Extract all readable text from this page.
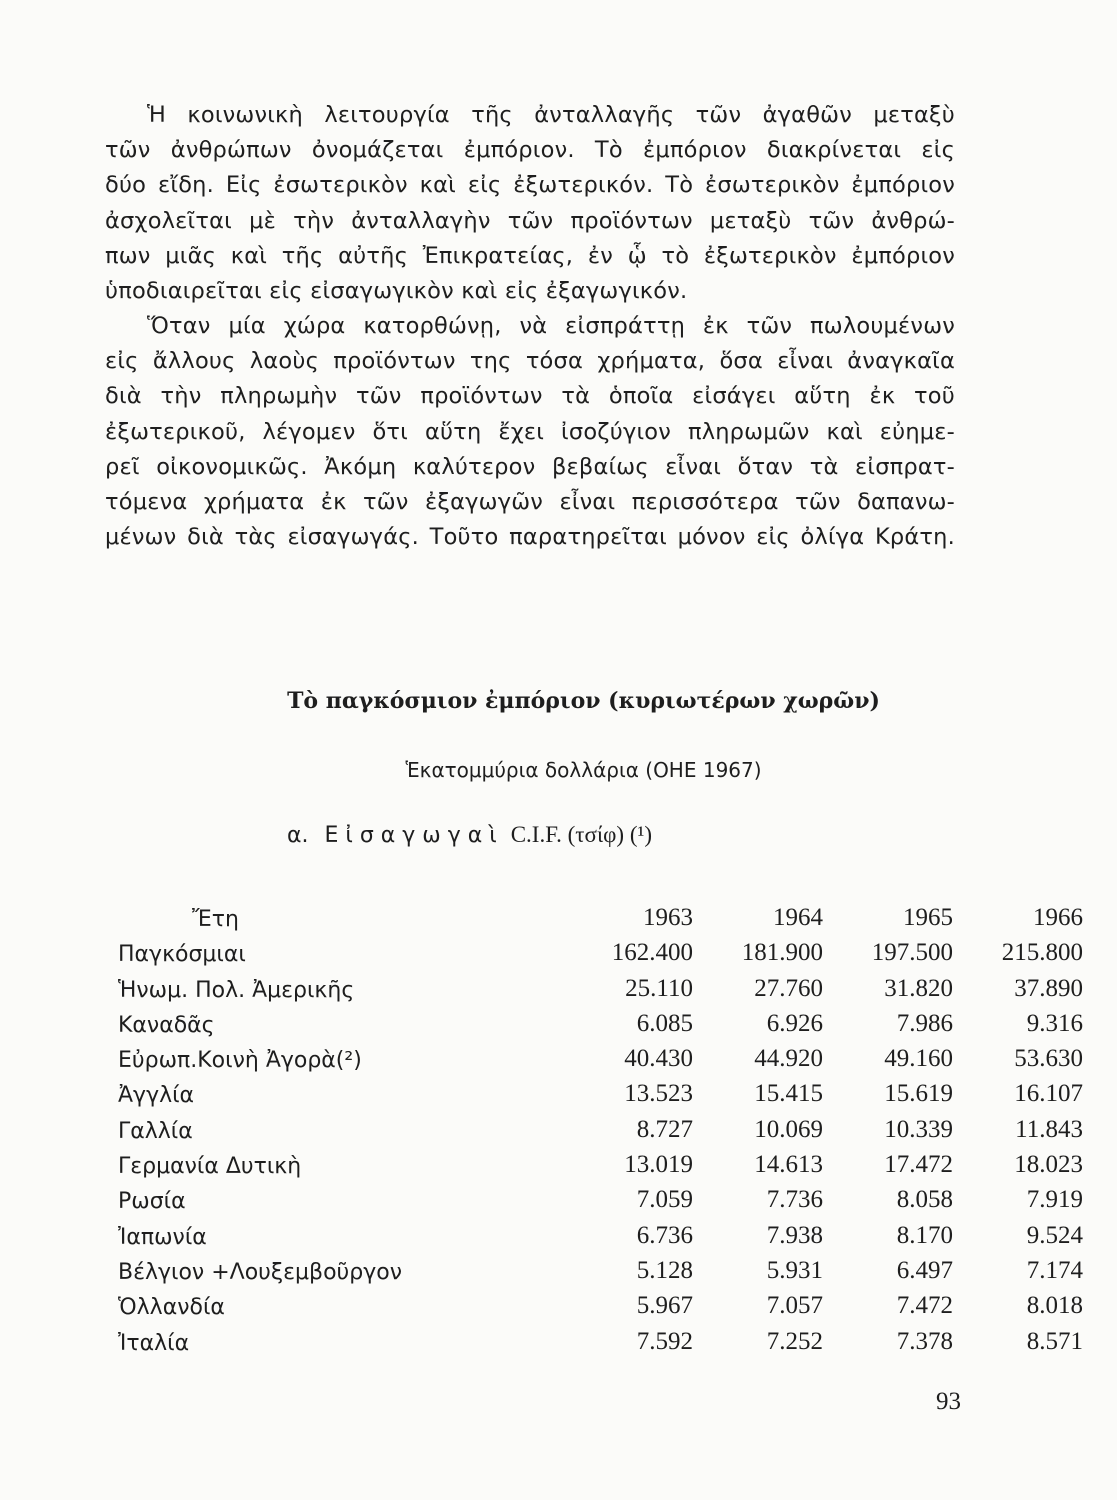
Ἡ κοινωνικὴ λειτουργία τῆς ἀνταλλαγῆς τῶν ἀγαθῶν μεταξὺ
τῶν ἀνθρώπων ὀνομάζεται ἐμπόριον. Τὸ ἐμπόριον διακρίνεται εἰς
δύο εἴδη. Εἰς ἐσωτερικὸν καὶ εἰς ἐξωτερικόν. Τὸ ἐσωτερικὸν ἐμπόριον
ἀσχολεῖται μὲ τὴν ἀνταλλαγὴν τῶν προϊόντων μεταξὺ τῶν ἀνθρώ-
πων μιᾶς καὶ τῆς αὐτῆς Ἐπικρατείας, ἐν ᾧ τὸ ἐξωτερικὸν ἐμπόριον
ὑποδιαιρεῖται εἰς εἰσαγωγικὸν καὶ εἰς ἐξαγωγικόν.
Ὅταν μία χώρα κατορθώνῃ, νὰ εἰσπράττῃ ἐκ τῶν πωλουμένων
εἰς ἄλλους λαοὺς προϊόντων της τόσα χρήματα, ὅσα εἶναι ἀναγκαῖα
διὰ τὴν πληρωμὴν τῶν προϊόντων τὰ ὁποῖα εἰσάγει αὕτη ἐκ τοῦ
ἐξωτερικοῦ, λέγομεν ὅτι αὕτη ἔχει ἰσοζύγιον πληρωμῶν καὶ εὐημε-
ρεῖ οἰκονομικῶς. Ἀκόμη καλύτερον βεβαίως εἶναι ὅταν τὰ εἰσπρατ-
τόμενα χρήματα ἐκ τῶν ἐξαγωγῶν εἶναι περισσότερα τῶν δαπανω-
μένων διὰ τὰς εἰσαγωγάς. Τοῦτο παρατηρεῖται μόνον εἰς ὀλίγα Κράτη.
Τὸ παγκόσμιον ἐμπόριον (κυριωτέρων χωρῶν)
Ἑκατομμύρια δολλάρια (ΟΗΕ 1967)
α. Εἰσαγωγαὶ C.I.F. (τσίφ) (¹)
Ἔτη	1963	1964	1965	1966
Παγκόσμιαι	162.400	181.900	197.500	215.800
Ἡνωμ. Πολ. Ἀμερικῆς	25.110	27.760	31.820	37.890
Καναδᾶς	6.085	6.926	7.986	9.316
Εὐρωπ.Κοινὴ Ἀγορὰ(²)	40.430	44.920	49.160	53.630
Ἀγγλία	13.523	15.415	15.619	16.107
Γαλλία	8.727	10.069	10.339	11.843
Γερμανία Δυτικὴ	13.019	14.613	17.472	18.023
Ρωσία	7.059	7.736	8.058	7.919
Ἰαπωνία	6.736	7.938	8.170	9.524
Βέλγιον +Λουξεμβοῦργον	5.128	5.931	6.497	7.174
Ὁλλανδία	5.967	7.057	7.472	8.018
Ἰταλία	7.592	7.252	7.378	8.571
93
